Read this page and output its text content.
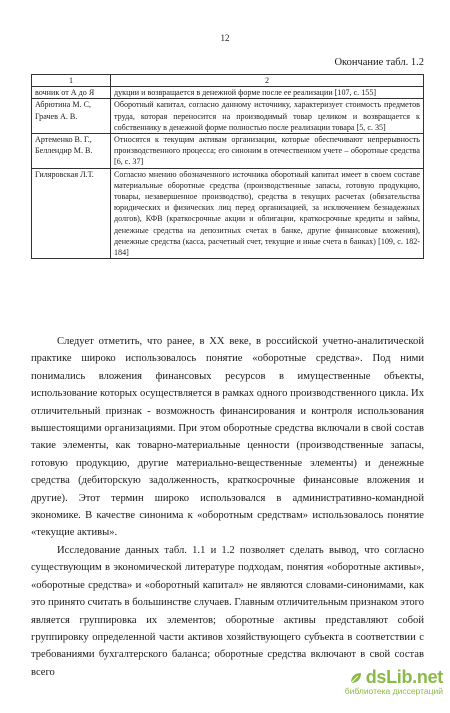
12
Окончание табл. 1.2
1	2
вочник от А до Я	дукции и возвращается в денежной форме после ее реализации [107, с. 155]
Абрютина М. С, Грачев А. В.	Оборотный капитал, согласно данному источнику, характеризует стоимость предметов труда, которая переносится на производимый товар целиком и возвращается к собственнику в денежной форме полностью после реализации товара [5, с. 35]
Артеменко В. Г., Беллендир М. В.	Относятся к текущим активам организации, которые обеспечивают непрерывность производственного процесса; его синоним в отечественном учете – оборотные средства [6, с. 37]
Гиляровская Л.Т.	Согласно мнению обозначенного источника оборотный капитал имеет в своем составе материальные оборотные средства (производственные запасы, готовую продукцию, товары, незавершенное производство), средства в текущих расчетах (обязательства юридических и физических лиц перед организацией, за исключением безнадежных долгов), КФВ (краткосрочные акции и облигации, краткосрочные кредиты и займы, денежные средства на депозитных счетах в банке, другие финансовые вложения), денежные средства (касса, расчетный счет, текущие и иные счета в банках) [109, с. 182-184]

Следует отметить, что ранее, в XX веке, в российской учетно-аналитической практике широко использовалось понятие «оборотные средства». Под ними понимались вложения финансовых ресурсов в имущественные объекты, использование которых осуществляется в рамках одного производственного цикла. Их отличительный признак - возможность финансирования и контроля использования вышестоящими организациями. При этом оборотные средства включали в свой состав такие элементы, как товарно-материальные ценности (производственные запасы, готовую продукцию, другие материально-вещественные элементы) и денежные средства (дебиторскую задолженность, краткосрочные финансовые вложения и другие). Этот термин широко использовался в административно-командной экономике. В качестве синонима к «оборотным средствам» использовалось понятие «текущие активы».

Исследование данных табл. 1.1 и 1.2 позволяет сделать вывод, что согласно существующим в экономической литературе подходам, понятия «оборотные активы», «оборотные средства» и «оборотный капитал» не являются словами-синонимами, как это принято считать в большинстве случаев. Главным отличительным признаком этого является группировка их элементов; оборотные активы представляют собой группировку определенной части активов хозяйствующего субъекта в соответствии с требованиями бухгалтерского баланса; оборотные средства включают в свой состав всего	dsLib.net
библиотека диссертаций
